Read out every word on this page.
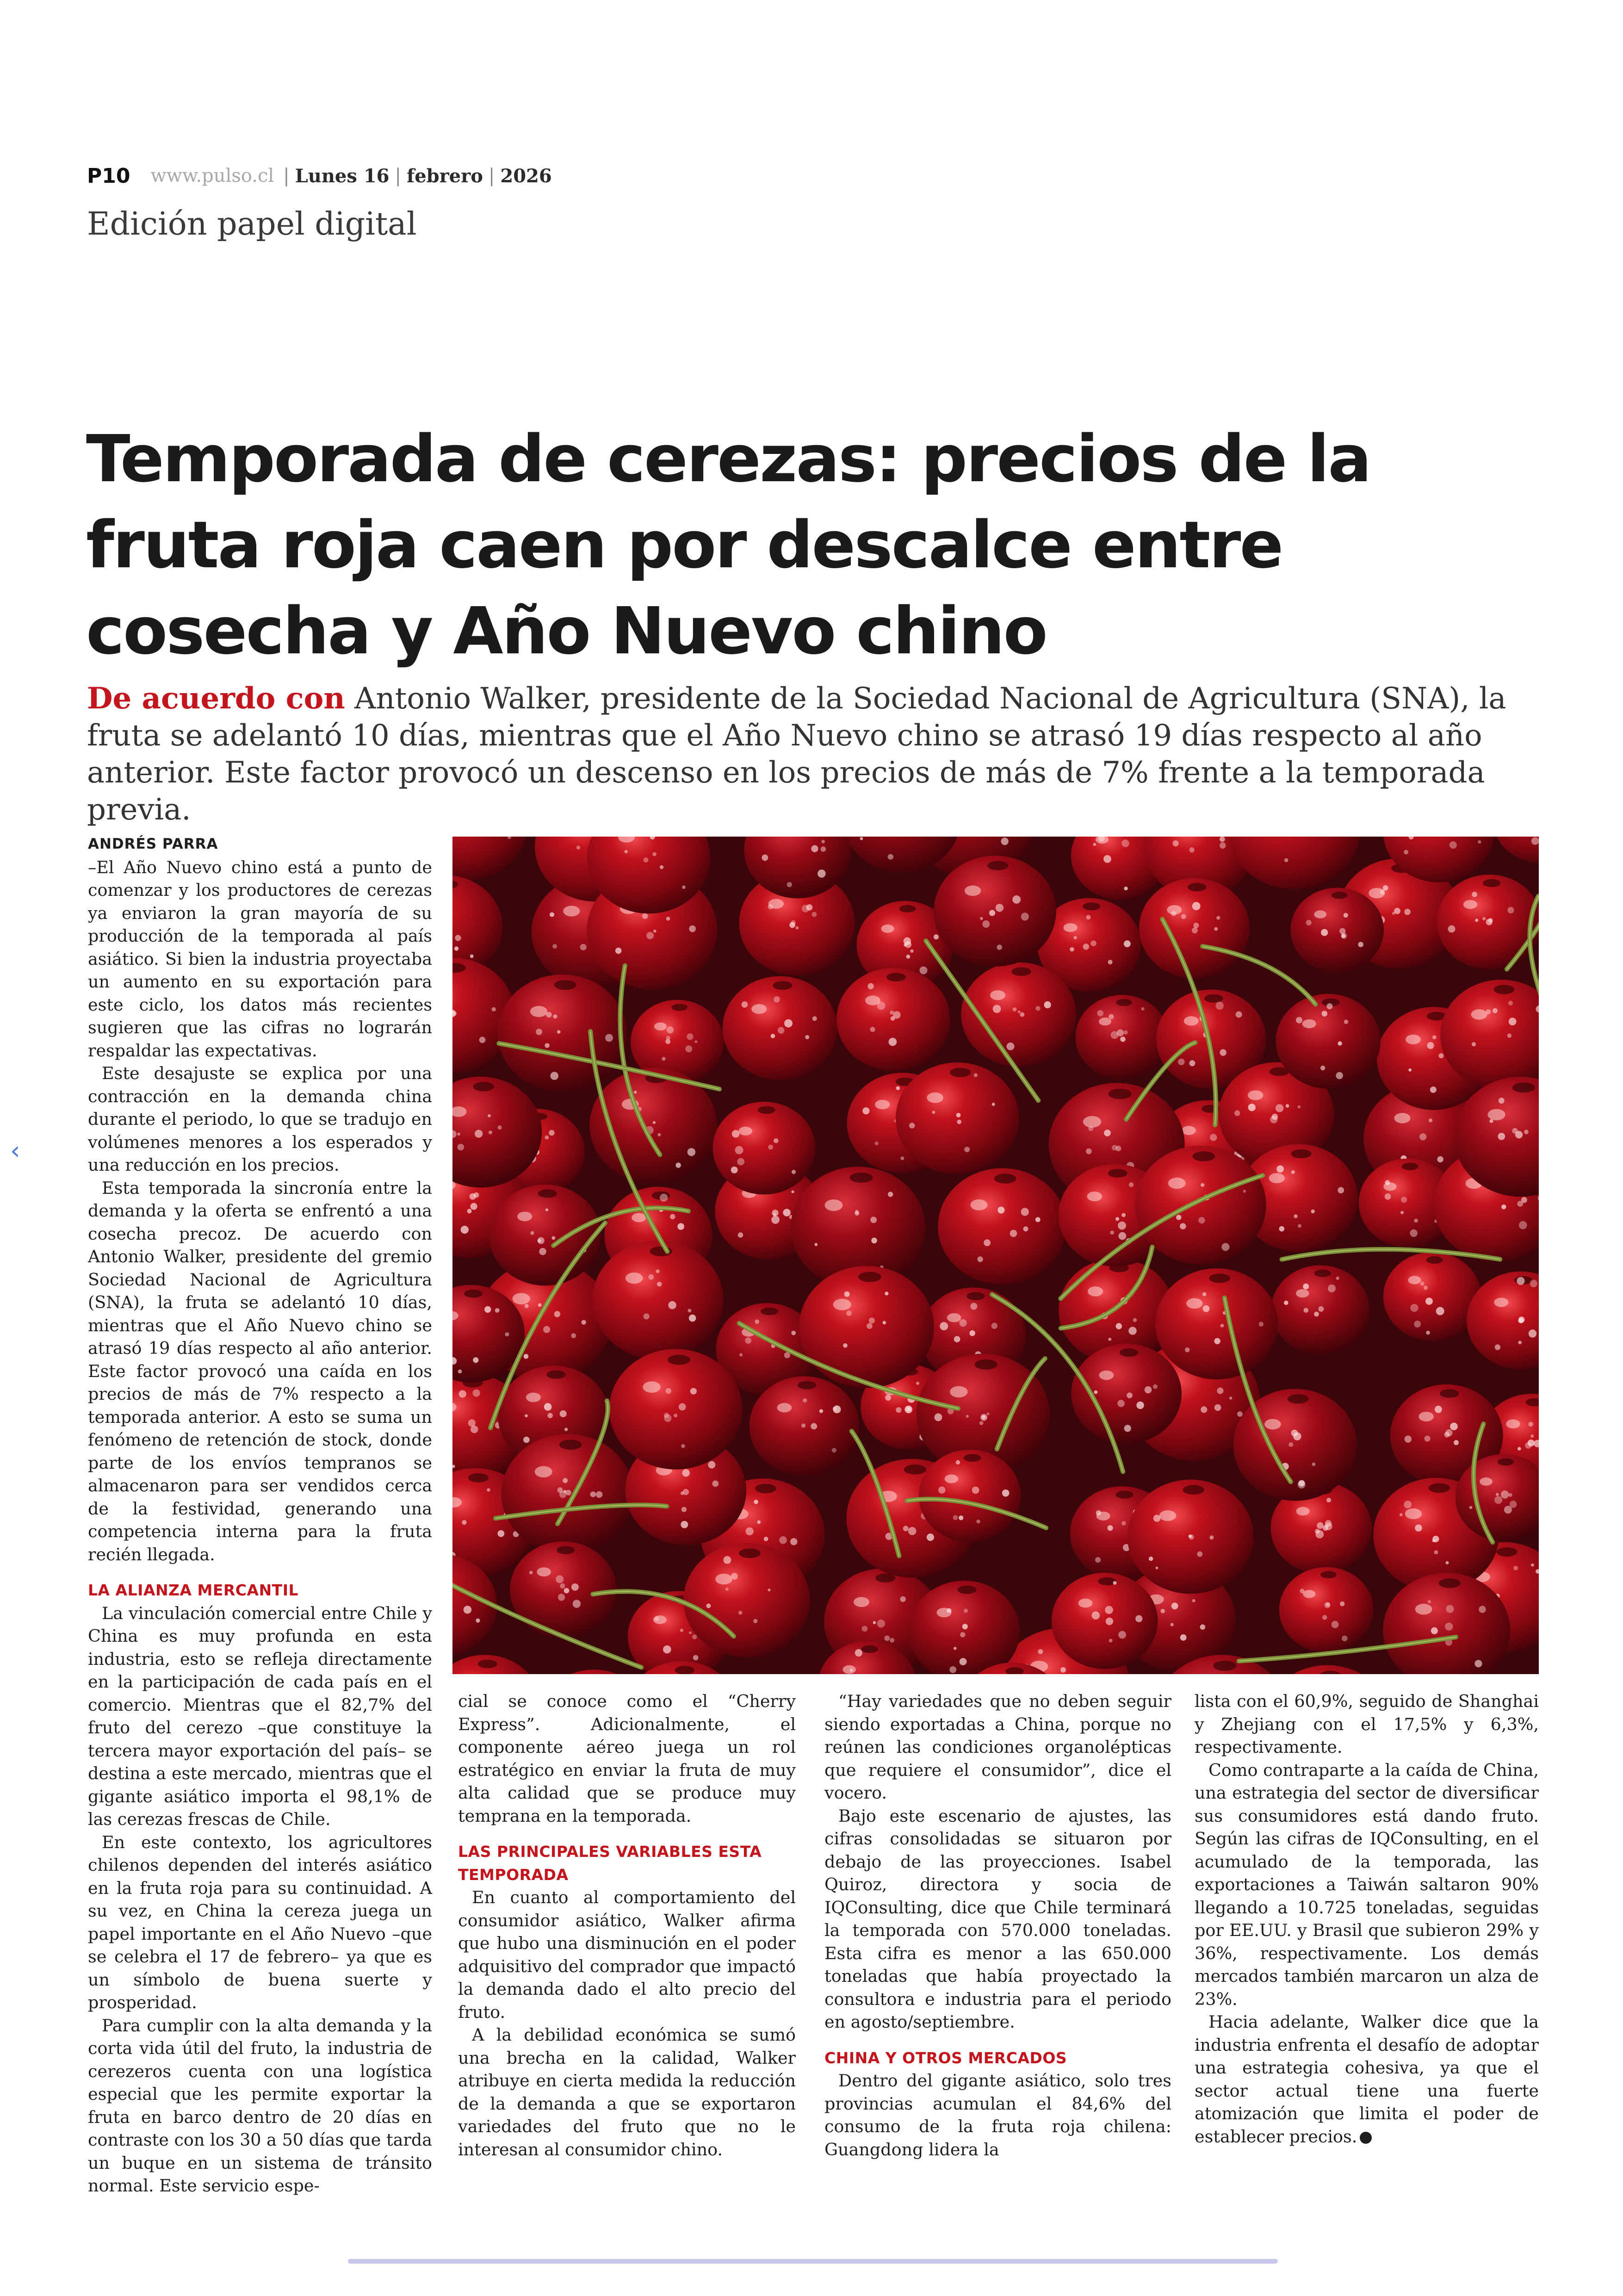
P10 www.pulso.cl | Lunes 16 | febrero | 2026
Edición papel digital
Temporada de cerezas: precios de la fruta roja caen por descalce entre cosecha y Año Nuevo chino

De acuerdo con Antonio Walker, presidente de la Sociedad Nacional de Agricultura (SNA), la fruta se adelantó 10 días, mientras que el Año Nuevo chino se atrasó 19 días respecto al año anterior. Este factor provocó un descenso en los precios de más de 7% frente a la temporada previa.

ANDRÉS PARRA

–El Año Nuevo chino está a punto de comenzar y los productores de cerezas ya enviaron la gran mayoría de su producción de la temporada al país asiático. Si bien la industria proyectaba un aumento en su exportación para este ciclo, los datos más recientes sugieren que las cifras no lograrán respaldar las expectativas.

Este desajuste se explica por una contracción en la demanda china durante el periodo, lo que se tradujo en volúmenes menores a los esperados y una reducción en los precios.

Esta temporada la sincronía entre la demanda y la oferta se enfrentó a una cosecha precoz. De acuerdo con Antonio Walker, presidente del gremio Sociedad Nacional de Agricultura (SNA), la fruta se adelantó 10 días, mientras que el Año Nuevo chino se atrasó 19 días respecto al año anterior. Este factor provocó una caída en los precios de más de 7% respecto a la temporada anterior. A esto se suma un fenómeno de retención de stock, donde parte de los envíos tempranos se almacenaron para ser vendidos cerca de la festividad, generando una competencia interna para la fruta recién llegada.

LA ALIANZA MERCANTIL

La vinculación comercial entre Chile y China es muy profunda en esta industria, esto se refleja directamente en la participación de cada país en el comercio. Mientras que el 82,7% del fruto del cerezo –que constituye la tercera mayor exportación del país– se destina a este mercado, mientras que el gigante asiático importa el 98,1% de las cerezas frescas de Chile.

En este contexto, los agricultores chilenos dependen del interés asiático en la fruta roja para su continuidad. A su vez, en China la cereza juega un papel importante en el Año Nuevo –que se celebra el 17 de febrero– ya que es un símbolo de buena suerte y prosperidad.

Para cumplir con la alta demanda y la corta vida útil del fruto, la industria de cerezeros cuenta con una logística especial que les permite exportar la fruta en barco dentro de 20 días en contraste con los 30 a 50 días que tarda un buque en un sistema de tránsito normal. Este servicio espe-

cial se conoce como el “Cherry Express”. Adicionalmente, el componente aéreo juega un rol estratégico en enviar la fruta de muy alta calidad que se produce muy temprana en la temporada.

LAS PRINCIPALES VARIABLES ESTA TEMPORADA

En cuanto al comportamiento del consumidor asiático, Walker afirma que hubo una disminución en el poder adquisitivo del comprador que impactó la demanda dado el alto precio del fruto.

A la debilidad económica se sumó una brecha en la calidad, Walker atribuye en cierta medida la reducción de la demanda a que se exportaron variedades del fruto que no le interesan al consumidor chino.

“Hay variedades que no deben seguir siendo exportadas a China, porque no reúnen las condiciones organolépticas que requiere el consumidor”, dice el vocero.

Bajo este escenario de ajustes, las cifras consolidadas se situaron por debajo de las proyecciones. Isabel Quiroz, directora y socia de IQConsulting, dice que Chile terminará la temporada con 570.000 toneladas. Esta cifra es menor a las 650.000 toneladas que había proyectado la consultora e industria para el periodo en agosto/septiembre.

CHINA Y OTROS MERCADOS

Dentro del gigante asiático, solo tres provincias acumulan el 84,6% del consumo de la fruta roja chilena: Guangdong lidera la

lista con el 60,9%, seguido de Shanghai y Zhejiang con el 17,5% y 6,3%, respectivamente.

Como contraparte a la caída de China, una estrategia del sector de diversificar sus consumidores está dando fruto. Según las cifras de IQConsulting, en el acumulado de la temporada, las exportaciones a Taiwán saltaron 90% llegando a 10.725 toneladas, seguidas por EE.UU. y Brasil que subieron 29% y 36%, respectivamente. Los demás mercados también marcaron un alza de 23%.

Hacia adelante, Walker dice que la industria enfrenta el desafío de adoptar una estrategia cohesiva, ya que el sector actual tiene una fuerte atomización que limita el poder de establecer precios.

‹
